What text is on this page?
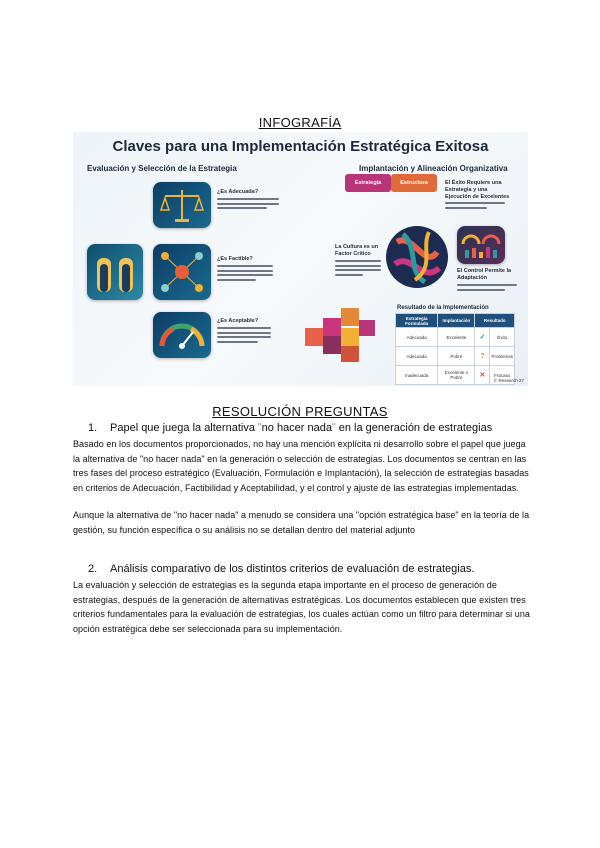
INFOGRAFÍA
Claves para una Implementación Estratégica Exitosa
Evaluación y Selección de la Estrategia	Implantación y Alineación Organizativa
¿Es Adecuada?
¿Es Factible?
¿Es Aceptable?
Estrategia	Estructura	El Éxito Requiere una
Estrategia y una
Ejecución de Excelentes
La Cultura es un
Factor Crítico
El Control Permite la
Adaptación
Resultado de la Implementación
Estrategia Formulada	Implantación	Resultado	
Adecuada	Excelente	✓	Éxito
Adecuada	Pobre	?	Problemas
Inadecuada	Excelente o Pobre	✕	Fracaso
© Research 27
RESOLUCIÓN PREGUNTAS
1. Papel que juega la alternativa ¨no hacer nada¨ en la generación de estrategias
Basado en los documentos proporcionados, no hay una mención explícita ni desarrollo sobre el papel que juega la alternativa de "no hacer nada" en la generación o selección de estrategias. Los documentos se centran en las tres fases del proceso estratégico (Evaluación, Formulación e Implantación), la selección de estrategias basadas en criterios de Adecuación, Factibilidad y Aceptabilidad, y el control y ajuste de las estrategias implementadas.
Aunque la alternativa de "no hacer nada" a menudo se considera una "opción estratégica base" en la teoría de la gestión, su función específica o su análisis no se detallan dentro del material adjunto
2. Análisis comparativo de los distintos criterios de evaluación de estrategias.
La evaluación y selección de estrategias es la segunda etapa importante en el proceso de generación de estrategias, después de la generación de alternativas estratégicas. Los documentos establecen que existen tres criterios fundamentales para la evaluación de estrategias, los cuales actúan como un filtro para determinar si una opción estratégica debe ser seleccionada para su implementación.
